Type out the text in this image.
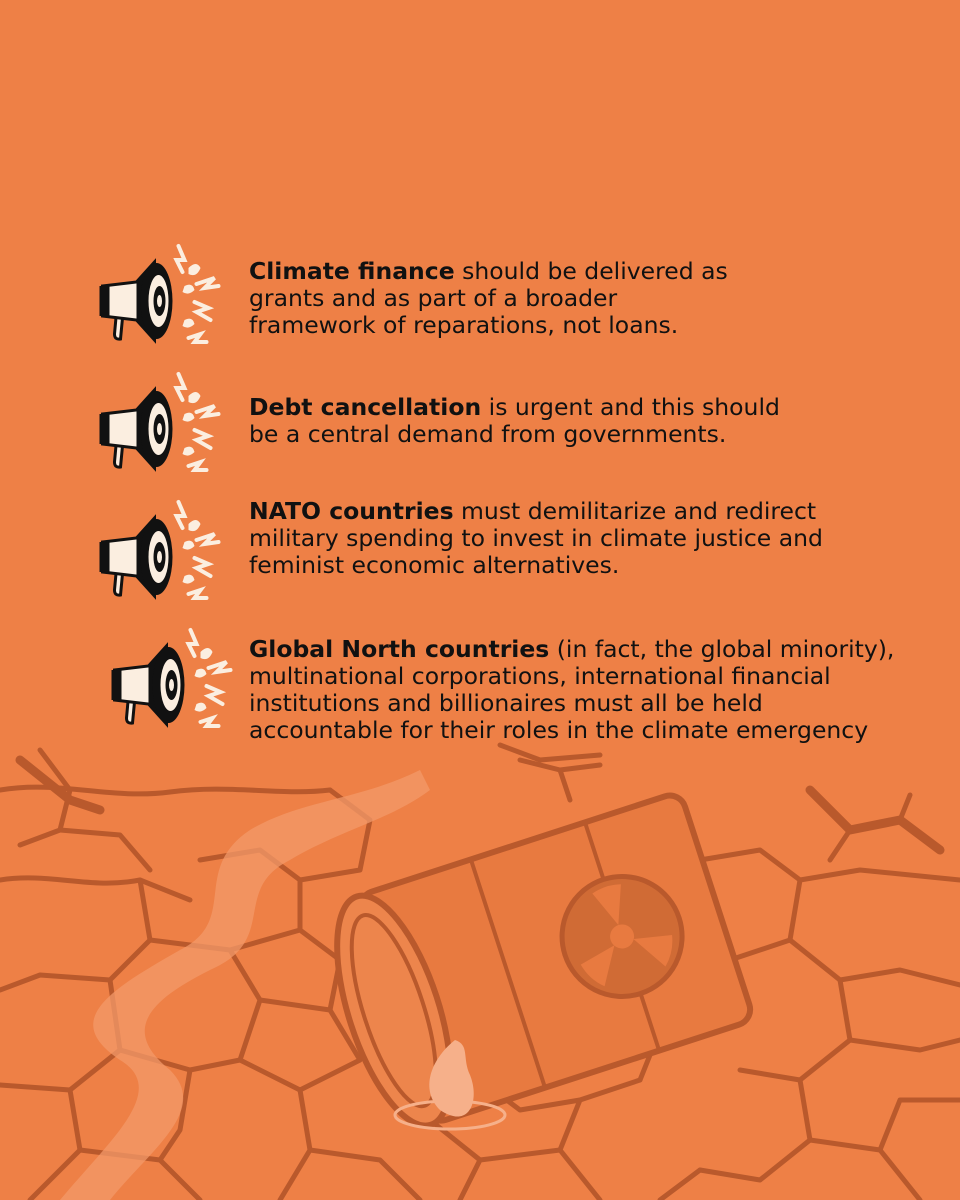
Climate finance should be delivered as
grants and as part of a broader
framework of reparations, not loans.
Debt cancellation is urgent and this should
be a central demand from governments.
NATO countries must demilitarize and redirect
military spending to invest in climate justice and
feminist economic alternatives.
Global North countries (in fact, the global minority),
multinational corporations, international financial
institutions and billionaires must all be held
accountable for their roles in the climate emergency
